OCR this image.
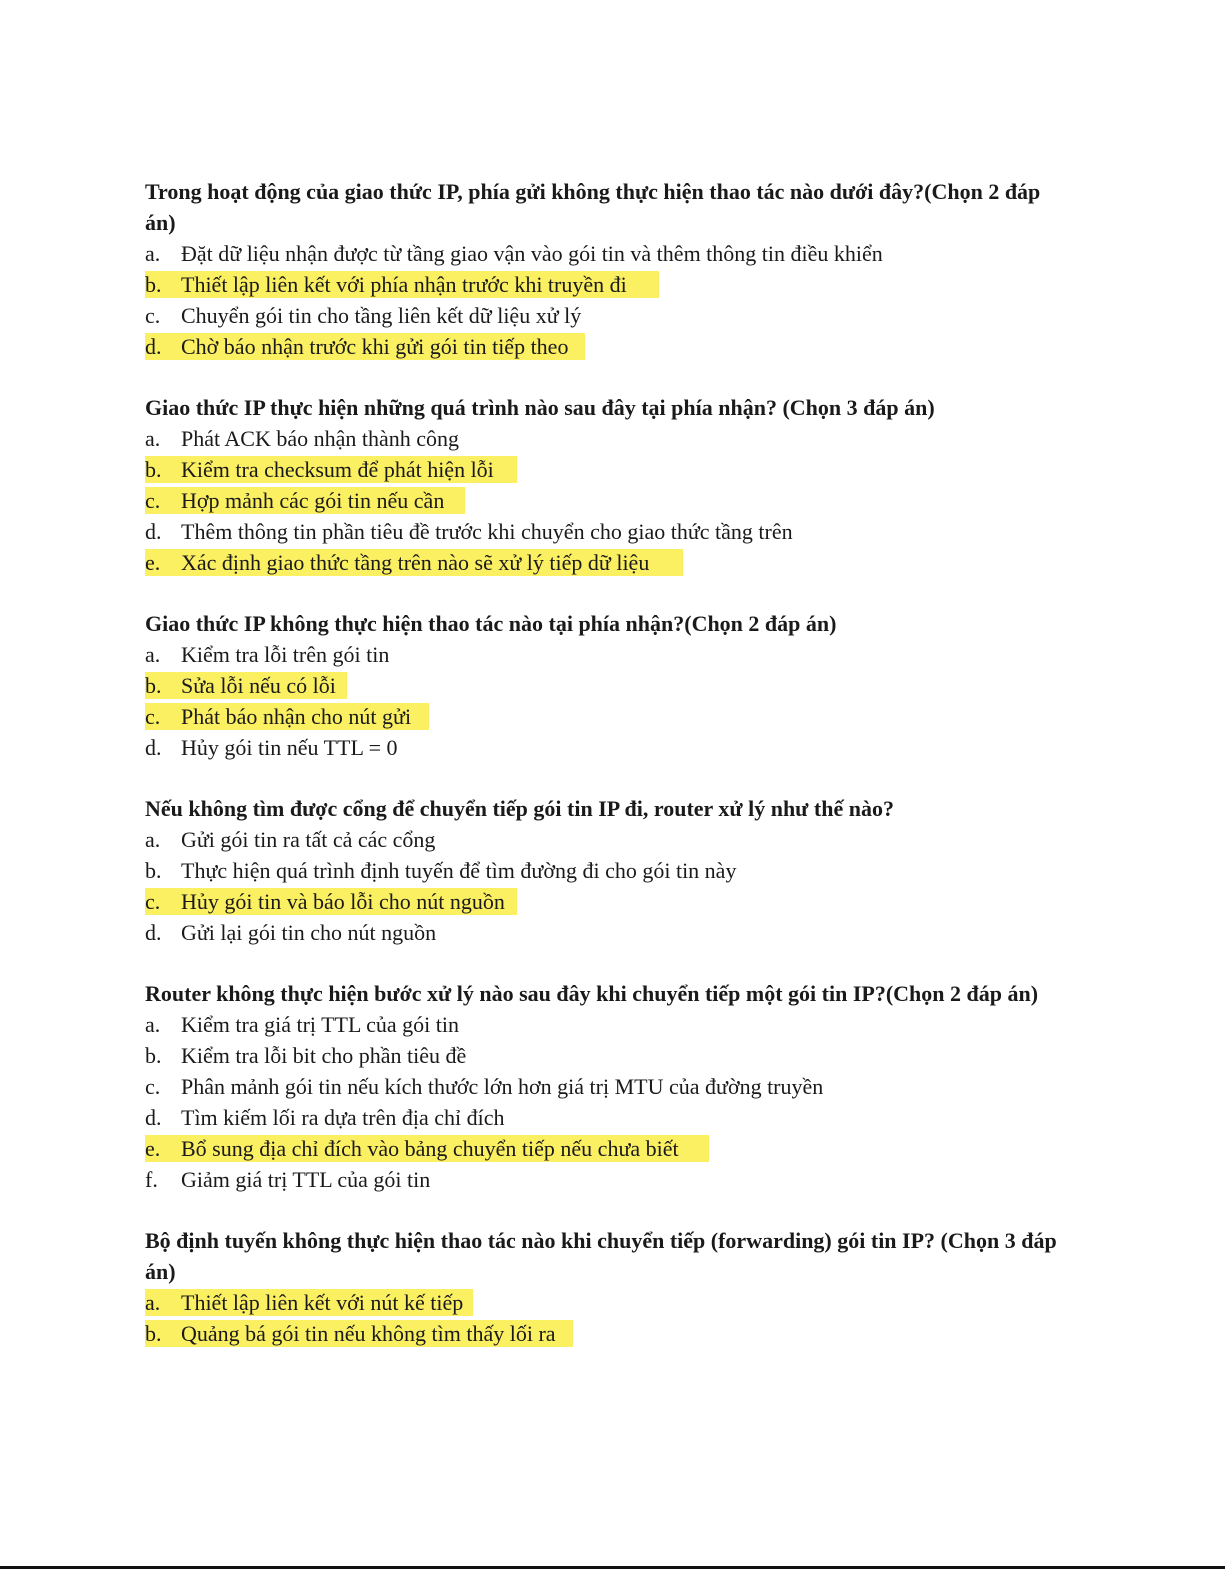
Trong hoạt động của giao thức IP, phía gửi không thực hiện thao tác nào dưới đây?(Chọn 2 đáp án)

a. Đặt dữ liệu nhận được từ tầng giao vận vào gói tin và thêm thông tin điều khiển
b. Thiết lập liên kết với phía nhận trước khi truyền đi
c. Chuyển gói tin cho tầng liên kết dữ liệu xử lý
d. Chờ báo nhận trước khi gửi gói tin tiếp theo

Giao thức IP thực hiện những quá trình nào sau đây tại phía nhận? (Chọn 3 đáp án)

a. Phát ACK báo nhận thành công
b. Kiểm tra checksum để phát hiện lỗi
c. Hợp mảnh các gói tin nếu cần
d. Thêm thông tin phần tiêu đề trước khi chuyển cho giao thức tầng trên
e. Xác định giao thức tầng trên nào sẽ xử lý tiếp dữ liệu

Giao thức IP không thực hiện thao tác nào tại phía nhận?(Chọn 2 đáp án)

a. Kiểm tra lỗi trên gói tin
b. Sửa lỗi nếu có lỗi
c. Phát báo nhận cho nút gửi
d. Hủy gói tin nếu TTL = 0

Nếu không tìm được cổng để chuyển tiếp gói tin IP đi, router xử lý như thế nào?

a. Gửi gói tin ra tất cả các cổng
b. Thực hiện quá trình định tuyến để tìm đường đi cho gói tin này
c. Hủy gói tin và báo lỗi cho nút nguồn
d. Gửi lại gói tin cho nút nguồn

Router không thực hiện bước xử lý nào sau đây khi chuyển tiếp một gói tin IP?(Chọn 2 đáp án)

a. Kiểm tra giá trị TTL của gói tin
b. Kiểm tra lỗi bit cho phần tiêu đề
c. Phân mảnh gói tin nếu kích thước lớn hơn giá trị MTU của đường truyền
d. Tìm kiếm lối ra dựa trên địa chỉ đích
e. Bổ sung địa chỉ đích vào bảng chuyển tiếp nếu chưa biết
f. Giảm giá trị TTL của gói tin

Bộ định tuyến không thực hiện thao tác nào khi chuyển tiếp (forwarding) gói tin IP? (Chọn 3 đáp án)

a. Thiết lập liên kết với nút kế tiếp
b. Quảng bá gói tin nếu không tìm thấy lối ra
